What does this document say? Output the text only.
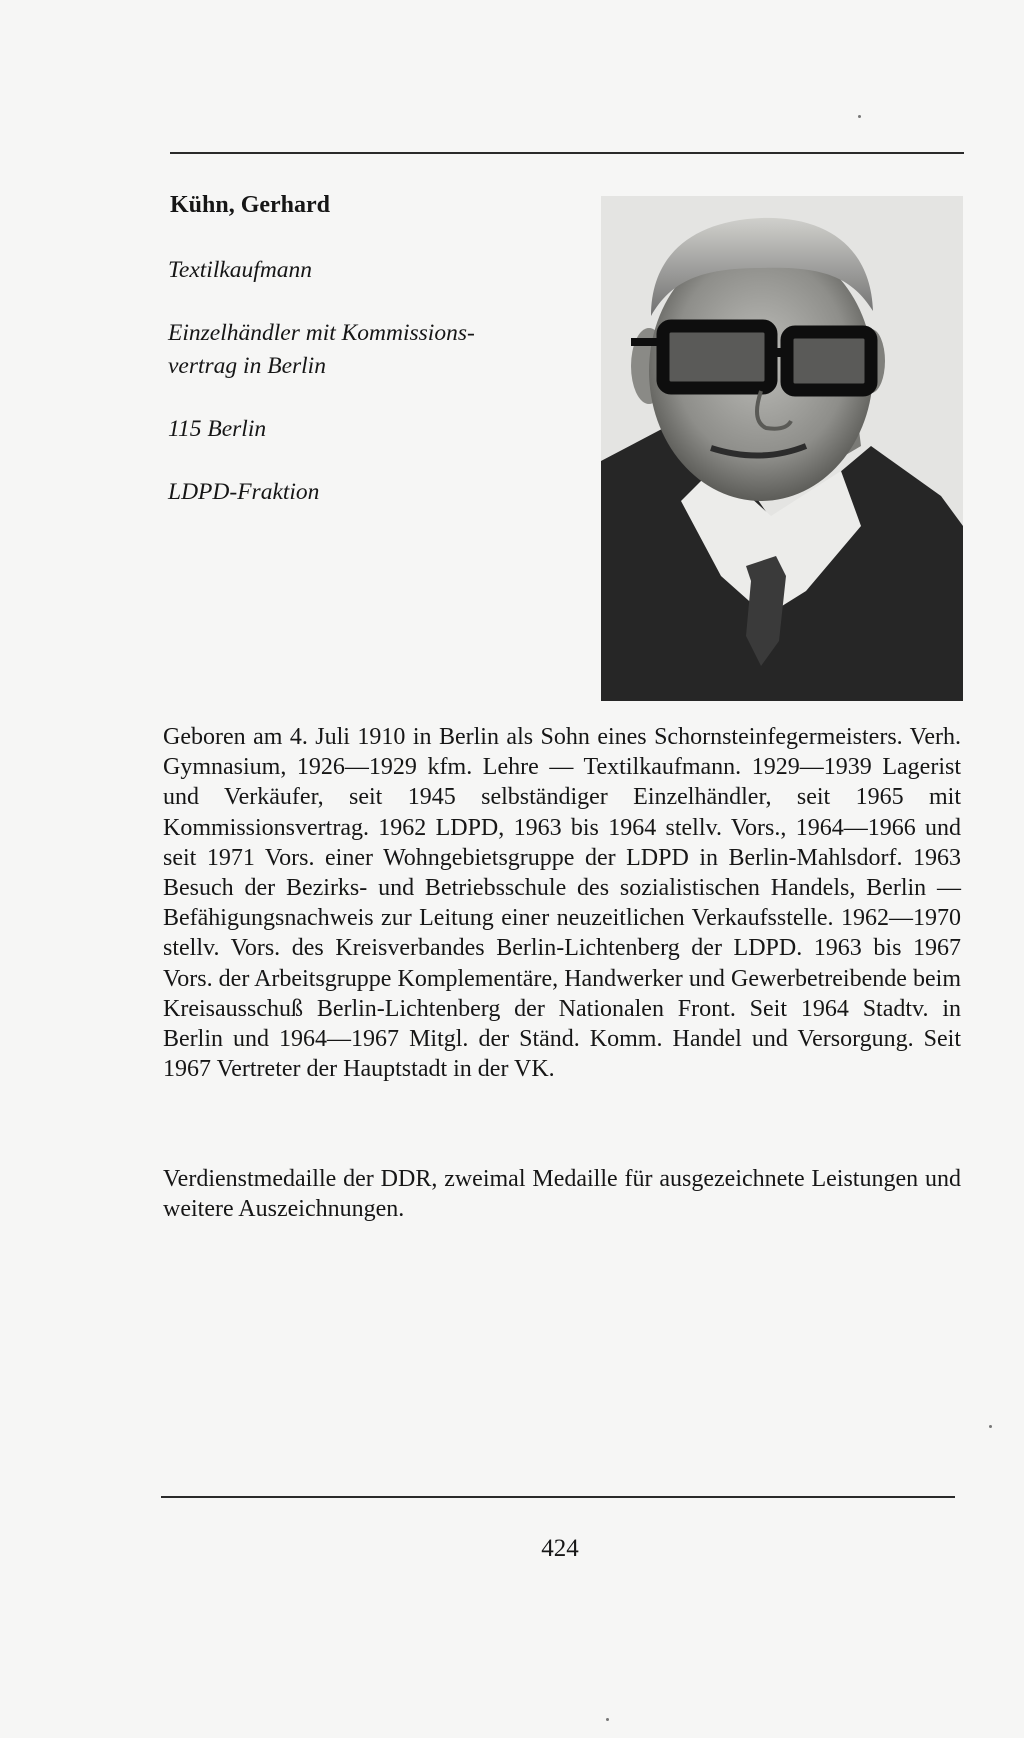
Kühn, Gerhard

Textilkaufmann

Einzelhändler mit Kommissions-
vertrag in Berlin

115 Berlin

LDPD-Fraktion

Geboren am 4. Juli 1910 in Berlin als Sohn eines Schornsteinfegermeisters. Verh. Gymnasium, 1926—1929 kfm. Lehre — Textilkaufmann. 1929—1939 Lagerist und Verkäufer, seit 1945 selbständiger Einzelhändler, seit 1965 mit Kommissionsvertrag. 1962 LDPD, 1963 bis 1964 stellv. Vors., 1964—1966 und seit 1971 Vors. einer Wohngebietsgruppe der LDPD in Berlin-Mahlsdorf. 1963 Besuch der Bezirks- und Betriebsschule des sozialistischen Handels, Berlin — Befähigungsnachweis zur Leitung einer neuzeitlichen Verkaufsstelle. 1962—1970 stellv. Vors. des Kreisverbandes Berlin-Lichtenberg der LDPD. 1963 bis 1967 Vors. der Arbeitsgruppe Komplementäre, Handwerker und Gewerbetreibende beim Kreisausschuß Berlin-Lichtenberg der Nationalen Front. Seit 1964 Stadtv. in Berlin und 1964—1967 Mitgl. der Ständ. Komm. Handel und Versorgung. Seit 1967 Vertreter der Hauptstadt in der VK.

Verdienstmedaille der DDR, zweimal Medaille für ausgezeichnete Leistungen und weitere Auszeichnungen.

424
